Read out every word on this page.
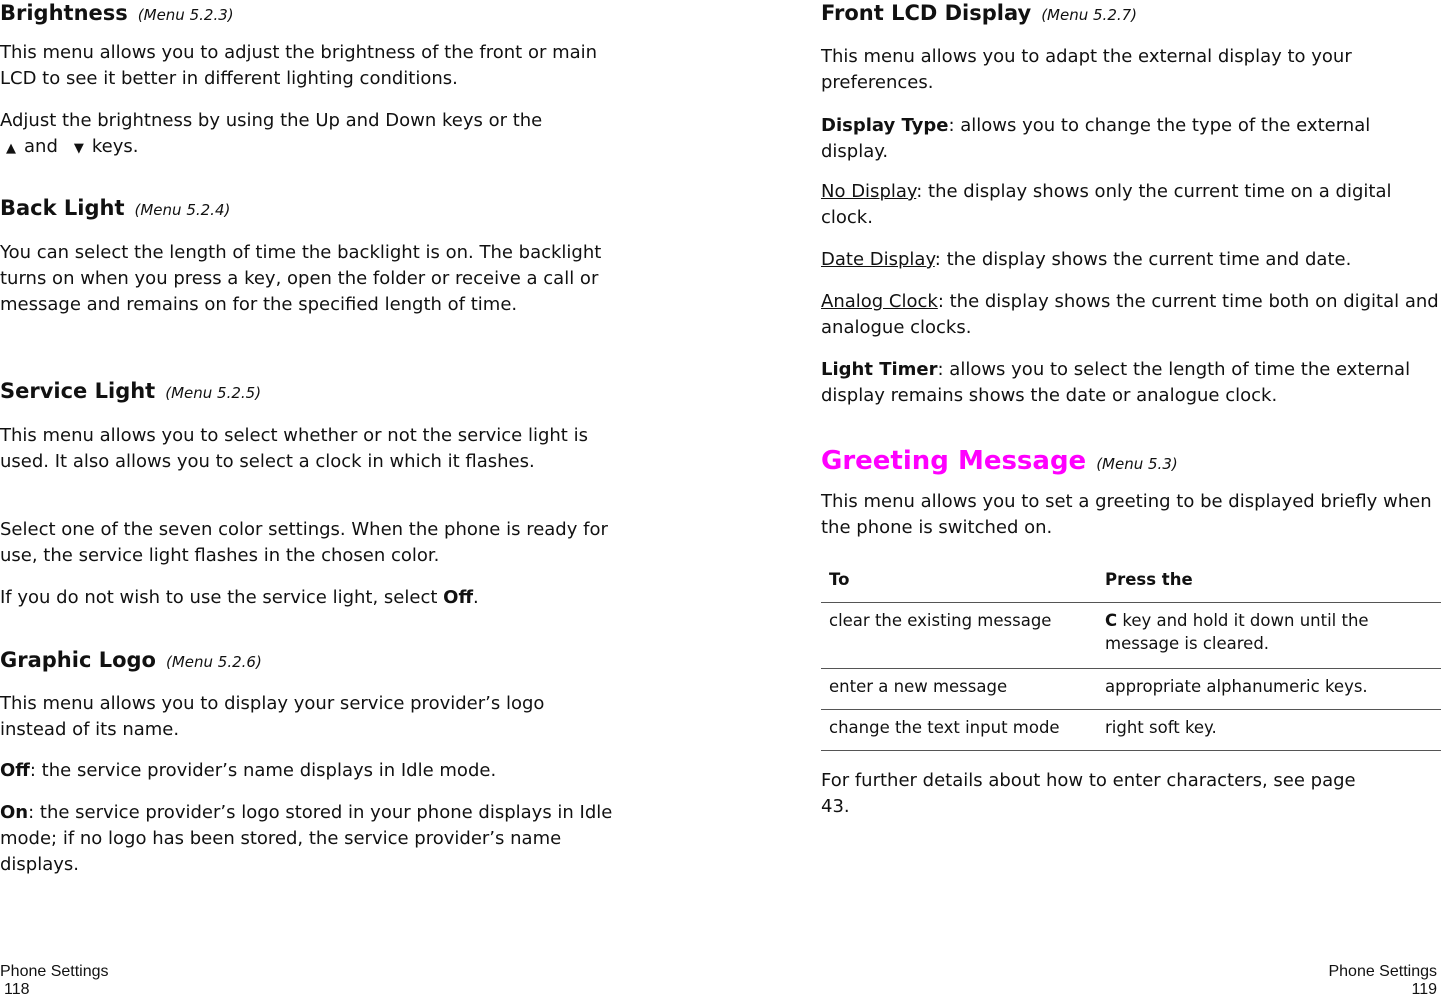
Brightness (Menu 5.2.3)

This menu allows you to adjust the brightness of the front or main LCD to see it better in different lighting conditions.

Adjust the brightness by using the Up and Down keys or the
▲ and ▼ keys.

Back Light (Menu 5.2.4)

You can select the length of time the backlight is on. The backlight turns on when you press a key, open the folder or receive a call or message and remains on for the specified length of time.

Service Light (Menu 5.2.5)

This menu allows you to select whether or not the service light is used. It also allows you to select a clock in which it flashes.

Select one of the seven color settings. When the phone is ready for use, the service light flashes in the chosen color.

If you do not wish to use the service light, select Off.

Graphic Logo (Menu 5.2.6)

This menu allows you to display your service provider’s logo instead of its name.

Off: the service provider’s name displays in Idle mode.

On: the service provider’s logo stored in your phone displays in Idle mode; if no logo has been stored, the service provider’s name displays.

Phone Settings
118
Front LCD Display (Menu 5.2.7)

This menu allows you to adapt the external display to your preferences.

Display Type: allows you to change the type of the external display.

No Display: the display shows only the current time on a digital clock.

Date Display: the display shows the current time and date.

Analog Clock: the display shows the current time both on digital and analogue clocks.

Light Timer: allows you to select the length of time the external display remains shows the date or analogue clock.

Greeting Message (Menu 5.3)

This menu allows you to set a greeting to be displayed briefly when the phone is switched on.

To	Press the
clear the existing message	C key and hold it down until the message is cleared.
enter a new message	appropriate alphanumeric keys.
change the text input mode	right soft key.

For further details about how to enter characters, see page 43.

Phone Settings
119
